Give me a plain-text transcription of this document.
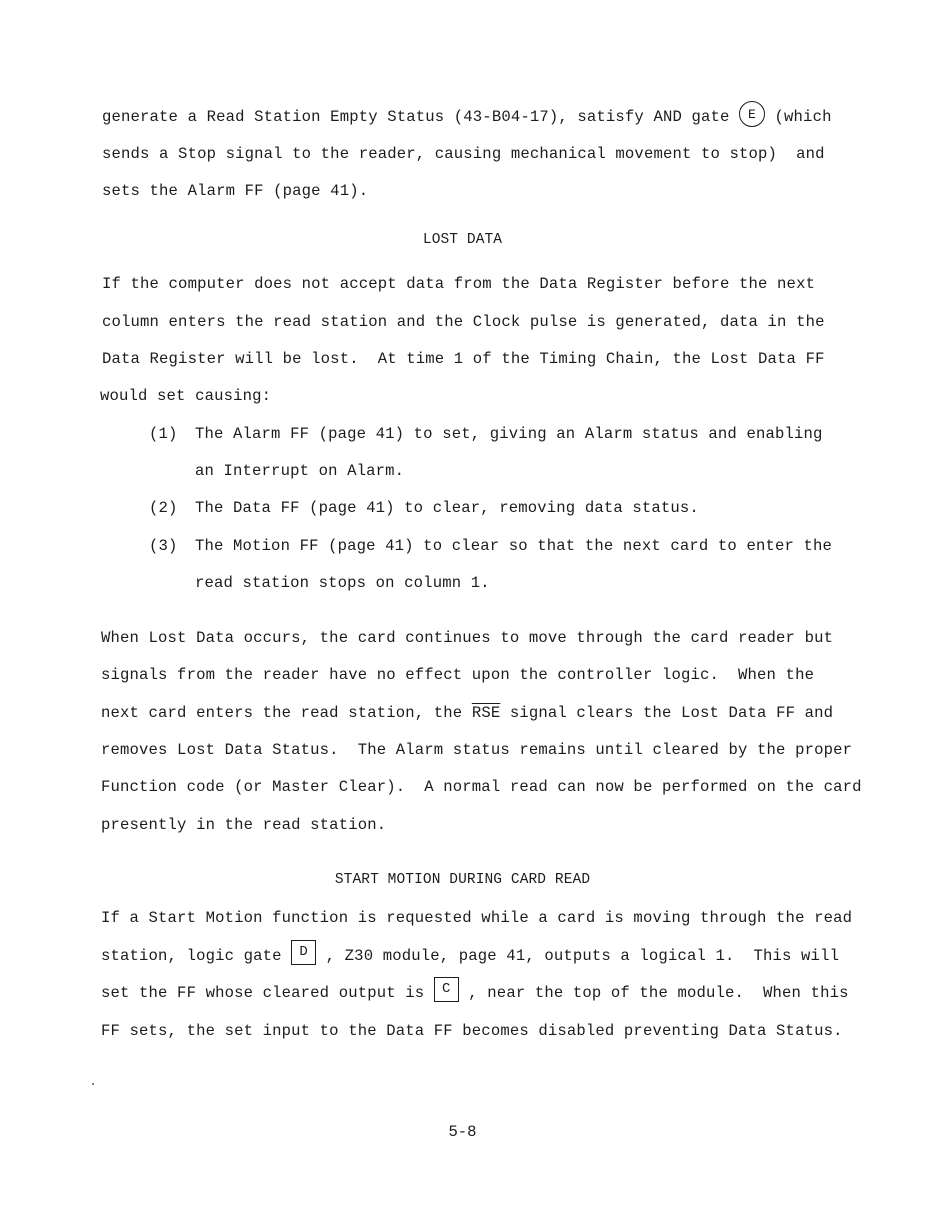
generate a Read Station Empty Status (43-B04-17), satisfy AND gate E (which
sends a Stop signal to the reader, causing mechanical movement to stop)  and
sets the Alarm FF (page 41).
LOST DATA
If the computer does not accept data from the Data Register before the next
column enters the read station and the Clock pulse is generated, data in the
Data Register will be lost.  At time 1 of the Timing Chain, the Lost Data FF
would set causing:
(1) The Alarm FF (page 41) to set, giving an Alarm status and enabling
an Interrupt on Alarm.
(2) The Data FF (page 41) to clear, removing data status.
(3) The Motion FF (page 41) to clear so that the next card to enter the
read station stops on column 1.
When Lost Data occurs, the card continues to move through the card reader but
signals from the reader have no effect upon the controller logic.  When the
next card enters the read station, the $\overline{RSE}$ signal clears the Lost Data FF and
removes Lost Data Status.  The Alarm status remains until cleared by the proper
Function code (or Master Clear).  A normal read can now be performed on the card
presently in the read station.
START MOTION DURING CARD READ
If a Start Motion function is requested while a card is moving through the read
station, logic gate D , Z30 module, page 41, outputs a logical 1.  This will
set the FF whose cleared output is C , near the top of the module.  When this
FF sets, the set input to the Data FF becomes disabled preventing Data Status.
5-8
